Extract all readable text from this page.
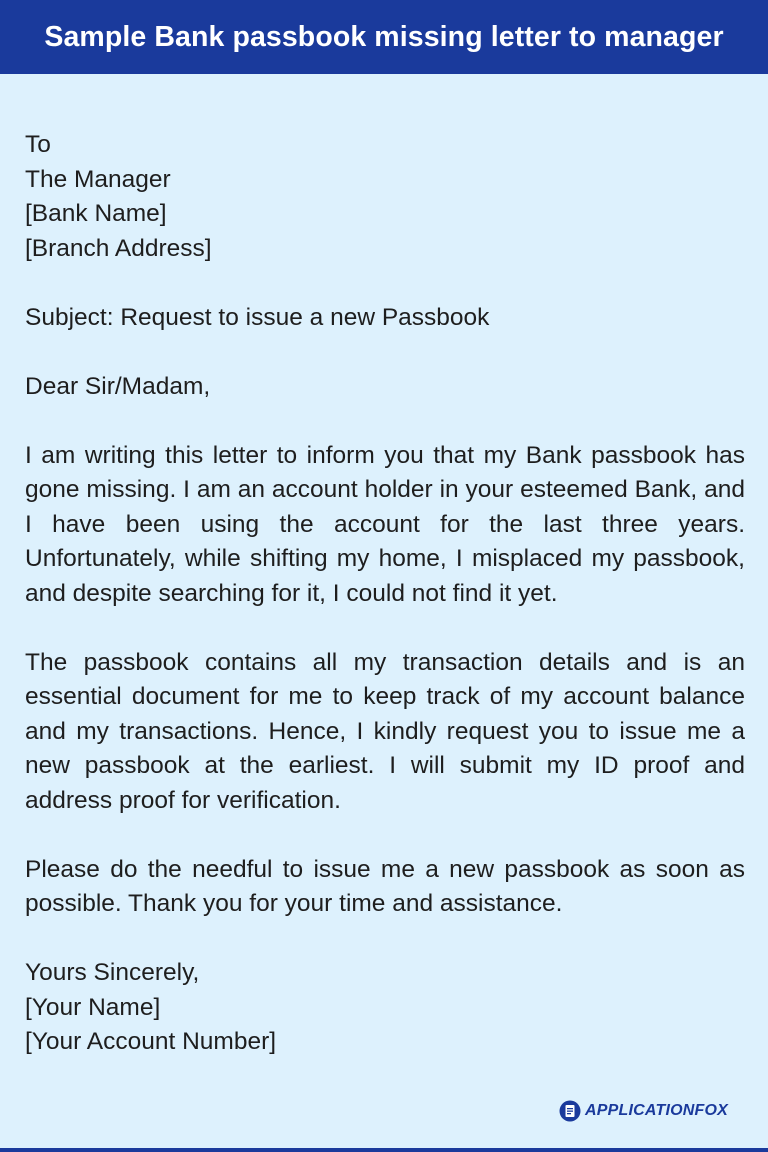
Sample Bank passbook missing letter to manager
To
The Manager
[Bank Name]
[Branch Address]
Subject: Request to issue a new Passbook
Dear Sir/Madam,

I am writing this letter to inform you that my Bank passbook has gone missing. I am an account holder in your esteemed Bank, and I have been using the account for the last three years. Unfortunately, while shifting my home, I misplaced my passbook, and despite searching for it, I could not find it yet.

The passbook contains all my transaction details and is an essential document for me to keep track of my account balance and my transactions. Hence, I kindly request you to issue me a new passbook at the earliest. I will submit my ID proof and address proof for verification.

Please do the needful to issue me a new passbook as soon as possible. Thank you for your time and assistance.

Yours Sincerely,
[Your Name]
[Your Account Number]
APPLICATIONFOX
